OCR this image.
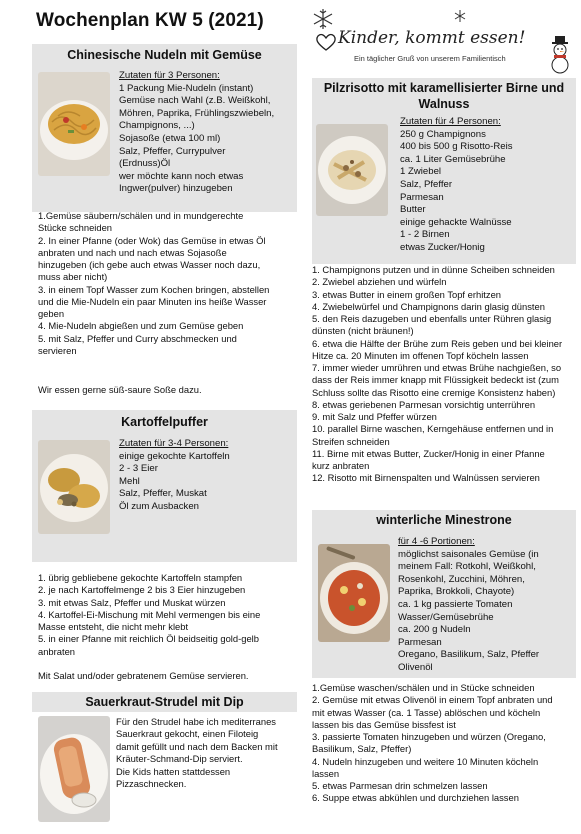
Wochenplan KW 5 (2021)
Kinder, kommt essen!
Ein täglicher Gruß von unserem Familientisch
Chinesische Nudeln mit Gemüse
Zutaten für 3 Personen:
1 Packung Mie-Nudeln (instant)
Gemüse nach Wahl (z.B. Weißkohl,
Möhren, Paprika, Frühlingszwiebeln,
Champignons, ...)
Sojasoße (etwa 100 ml)
Salz, Pfeffer, Currypulver
(Erdnuss)Öl
wer möchte kann noch etwas
Ingwer(pulver) hinzugeben

1.Gemüse säubern/schälen und in mundgerechte

Stücke schneiden

2. In einer Pfanne (oder Wok) das Gemüse in etwas Öl

anbraten und nach und nach etwas Sojasoße

hinzugeben (ich gebe auch etwas Wasser noch dazu,

muss aber nicht)

3. in einem Topf Wasser zum Kochen bringen, abstellen

und die Mie-Nudeln ein paar Minuten ins heiße Wasser

geben

4. Mie-Nudeln abgießen und zum Gemüse geben

5. mit Salz, Pfeffer und Curry abschmecken und

servieren

Wir essen gerne süß-saure Soße dazu.
Kartoffelpuffer
Zutaten für 3-4 Personen:
einige gekochte Kartoffeln
2 - 3 Eier
Mehl
Salz, Pfeffer, Muskat
Öl zum Ausbacken

1. übrig gebliebene gekochte Kartoffeln stampfen

2. je nach Kartoffelmenge 2 bis 3 Eier hinzugeben

3. mit etwas Salz, Pfeffer und Muskat würzen

4. Kartoffel-Ei-Mischung mit Mehl vermengen bis eine

Masse entsteht, die nicht mehr klebt

5. in einer Pfanne mit reichlich Öl beidseitig gold-gelb

anbraten

Mit Salat und/oder gebratenem Gemüse servieren.
Sauerkraut-Strudel mit Dip
Für den Strudel habe ich mediterranes
Sauerkraut gekocht, einen Filoteig
damit gefüllt und nach dem Backen mit
Kräuter-Schmand-Dip serviert.
Die Kids hatten stattdessen
Pizzaschnecken.
Pilzrisotto mit karamellisierter Birne und
Walnuss
Zutaten für 4 Personen:
250 g Champignons
400 bis 500 g Risotto-Reis
ca. 1 Liter Gemüsebrühe
1 Zwiebel
Salz, Pfeffer
Parmesan
Butter
einige gehackte Walnüsse
1 - 2 Birnen
etwas Zucker/Honig

1. Champignons putzen und in dünne Scheiben schneiden

2. Zwiebel abziehen und würfeln

3. etwas Butter in einem großen Topf erhitzen

4. Zwiebelwürfel und Champignons darin glasig dünsten

5. den Reis dazugeben und ebenfalls unter Rühren glasig

dünsten (nicht bräunen!)

6. etwa die Hälfte der Brühe zum Reis geben und bei kleiner

Hitze ca. 20 Minuten im offenen Topf köcheln lassen

7. immer wieder umrühren und etwas Brühe nachgießen, so

dass der Reis immer knapp mit Flüssigkeit bedeckt ist (zum

Schluss sollte das Risotto eine cremige Konsistenz haben)

8. etwas geriebenen Parmesan vorsichtig unterrühren

9. mit Salz und Pfeffer würzen

10. parallel Birne waschen, Kerngehäuse entfernen und in

Streifen schneiden

11. Birne mit etwas Butter, Zucker/Honig in einer Pfanne

kurz anbraten

12. Risotto mit Birnenspalten und Walnüssen servieren

winterliche Minestrone
für 4 -6 Portionen:
möglichst saisonales Gemüse (in
meinem Fall: Rotkohl, Weißkohl,
Rosenkohl, Zucchini, Möhren,
Paprika, Brokkoli, Chayote)
ca. 1 kg passierte Tomaten
Wasser/Gemüsebrühe
ca. 200 g Nudeln
Parmesan
Oregano, Basilikum, Salz, Pfeffer
Olivenöl

1.Gemüse waschen/schälen und in Stücke schneiden

2. Gemüse mit etwas Olivenöl in einem Topf anbraten und

mit etwas Wasser (ca. 1 Tasse) ablöschen und köcheln

lassen bis das Gemüse bissfest ist

3. passierte Tomaten hinzugeben und würzen (Oregano,

Basilikum, Salz, Pfeffer)

4. Nudeln hinzugeben und weitere 10 Minuten köcheln

lassen

5. etwas Parmesan drin schmelzen lassen

6. Suppe etwas abkühlen und durchziehen lassen
